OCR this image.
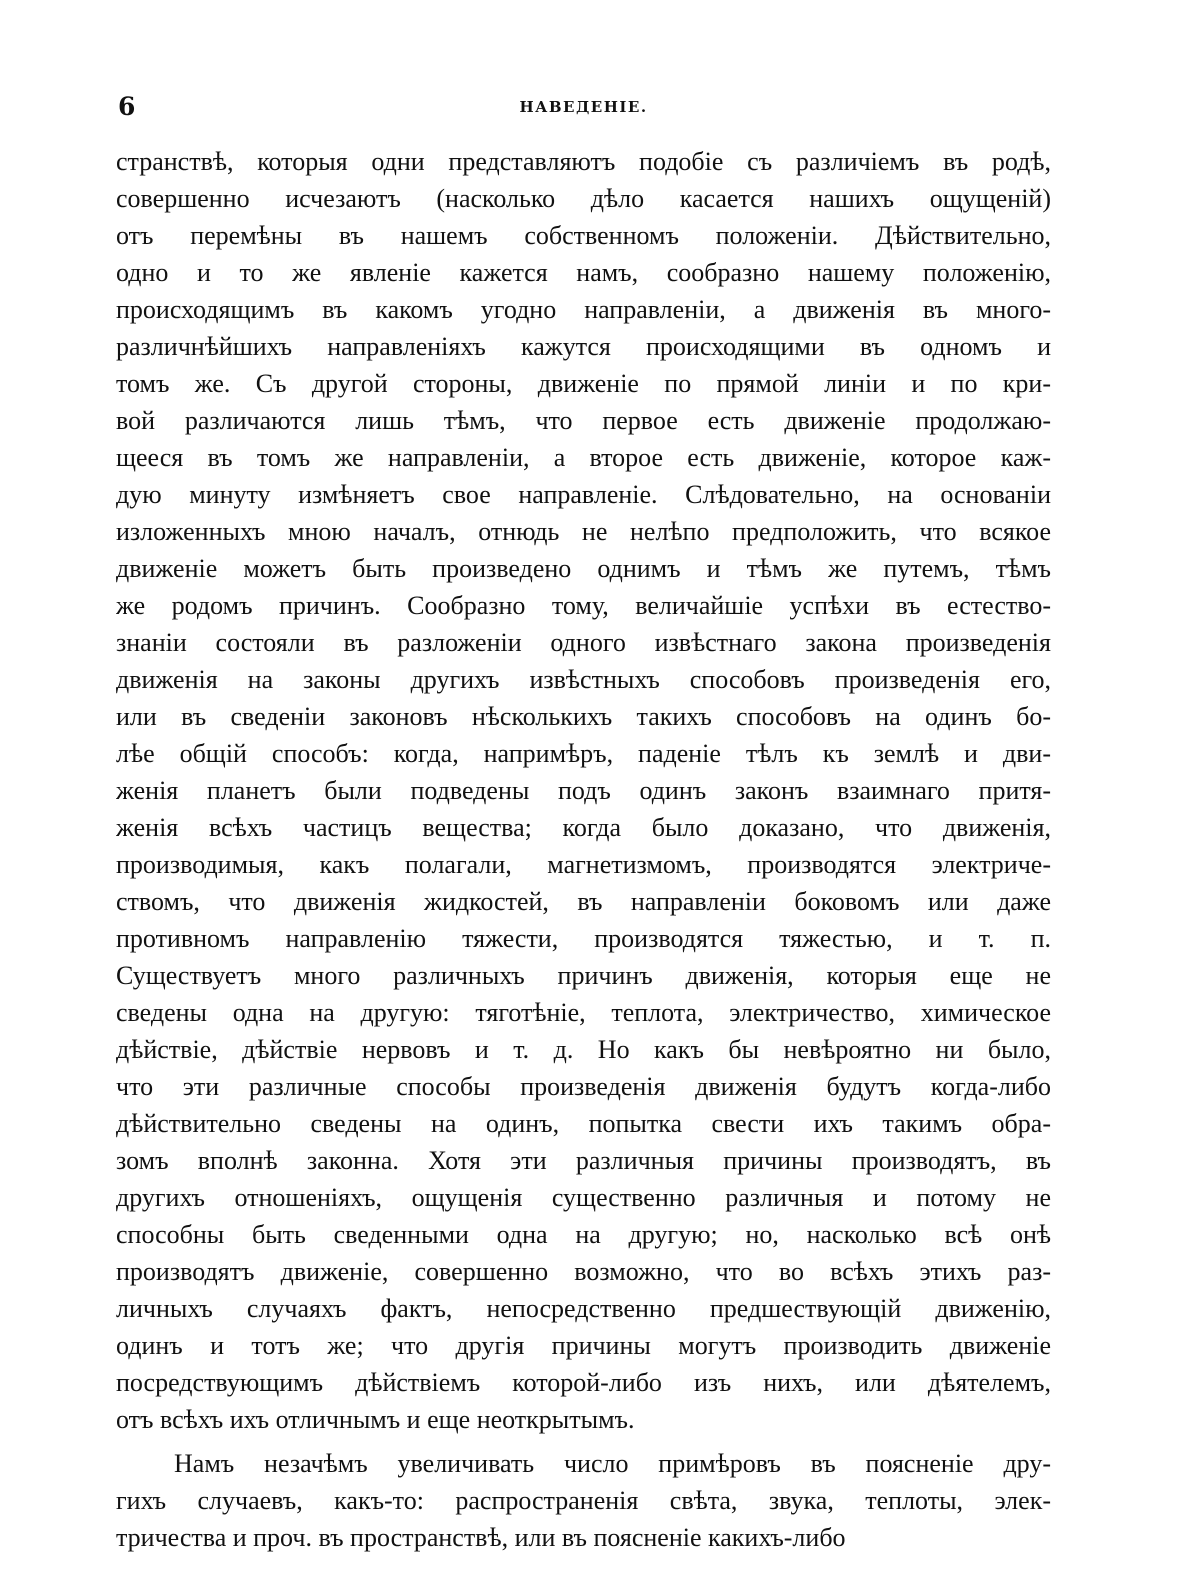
6	НАВЕДЕНІЕ.
странствѣ, которыя одни представляютъ подобіе съ различіемъ въ родѣ,
совершенно исчезаютъ (насколько дѣло касается нашихъ ощущеній)
отъ перемѣны въ нашемъ собственномъ положеніи. Дѣйствительно,
одно и то же явленіе кажется намъ, сообразно нашему положенію,
происходящимъ въ какомъ угодно направленіи, а движенія въ много-
различнѣйшихъ направленіяхъ кажутся происходящими въ одномъ и
томъ же. Съ другой стороны, движеніе по прямой линіи и по кри-
вой различаются лишь тѣмъ, что первое есть движеніе продолжаю-
щееся въ томъ же направленіи, а второе есть движеніе, которое каж-
дую минуту измѣняетъ свое направленіе. Слѣдовательно, на основаніи
изложенныхъ мною началъ, отнюдь не нелѣпо предположить, что всякое
движеніе можетъ быть произведено однимъ и тѣмъ же путемъ, тѣмъ
же родомъ причинъ. Сообразно тому, величайшіе успѣхи въ естество-
знаніи состояли въ разложеніи одного извѣстнаго закона произведенія
движенія на законы другихъ извѣстныхъ способовъ произведенія его,
или въ сведеніи законовъ нѣсколькихъ такихъ способовъ на одинъ бо-
лѣе общій способъ: когда, напримѣръ, паденіе тѣлъ къ землѣ и дви-
женія планетъ были подведены подъ одинъ законъ взаимнаго притя-
женія всѣхъ частицъ вещества; когда было доказано, что движенія,
производимыя, какъ полагали, магнетизмомъ, производятся электриче-
ствомъ, что движенія жидкостей, въ направленіи боковомъ или даже
противномъ направленію тяжести, производятся тяжестью, и т. п.
Существуетъ много различныхъ причинъ движенія, которыя еще не
сведены одна на другую: тяготѣніе, теплота, электричество, химическое
дѣйствіе, дѣйствіе нервовъ и т. д. Но какъ бы невѣроятно ни было,
что эти различные способы произведенія движенія будутъ когда-либо
дѣйствительно сведены на одинъ, попытка свести ихъ такимъ обра-
зомъ вполнѣ законна. Хотя эти различныя причины производятъ, въ
другихъ отношеніяхъ, ощущенія существенно различныя и потому не
способны быть сведенными одна на другую; но, насколько всѣ онѣ
производятъ движеніе, совершенно возможно, что во всѣхъ этихъ раз-
личныхъ случаяхъ фактъ, непосредственно предшествующій движенію,
одинъ и тотъ же; что другія причины могутъ производить движеніе
посредствующимъ дѣйствіемъ которой-либо изъ нихъ, или дѣятелемъ,
отъ всѣхъ ихъ отличнымъ и еще неоткрытымъ.
Намъ незачѣмъ увеличивать число примѣровъ въ поясненіе дру-
гихъ случаевъ, какъ-то: распространенія свѣта, звука, теплоты, элек-
тричества и проч. въ пространствѣ, или въ поясненіе какихъ-либо
